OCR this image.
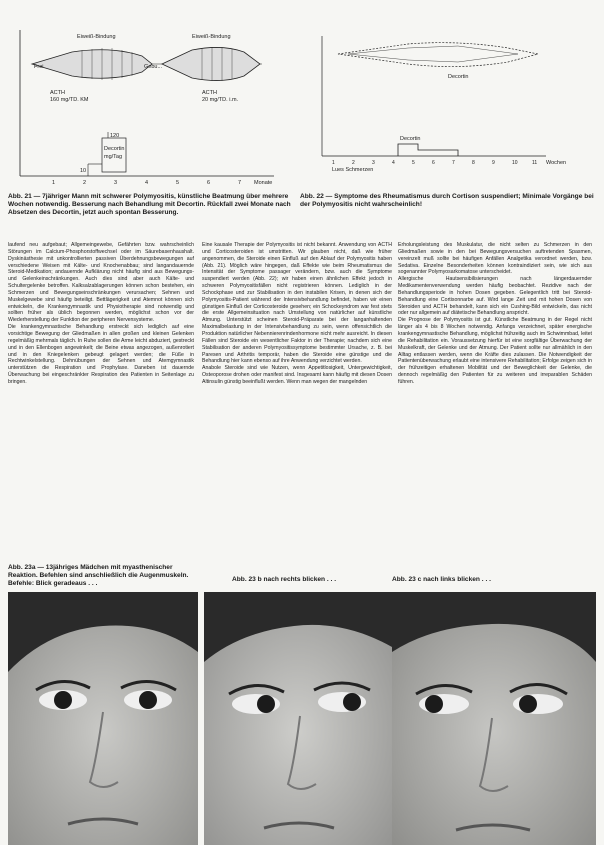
Eiweiß-Bindung	Eiweiß-Bindung
Frei	Gebu...
ACTH
160 mg/TD. KM
ACTH
20 mg/TD. i.m.
120
Decortin
mg/Tag
10
Monate
1	2	3	4	5	6	7
Decortin
Decortin
Lues Schmerzen
Wochen
1	2	3	4	5	6	7	8	9	10	11
Abb. 21 — 7jähriger Mann mit schwerer Polymyositis, künstliche Beatmung über mehrere Wochen notwendig. Besserung nach Behandlung mit Decortin. Rückfall zwei Monate nach Absetzen des Decortin, jetzt auch spontan Besserung.
Abb. 22 — Symptome des Rheumatismus durch Cortison suspendiert; Minimale Vorgänge bei der Polymyositis nicht wahrscheinlich!

laufend neu aufgebaut; Allgemeingewebe, Gefährten bzw. wahrscheinlich Störungen im Calcium-Phosphorstoffwechsel oder im Säurebasenhaushalt. Dyskinästhesie mit unkontrollierten passiven Überdehnungsbewegungen auf verschiedene Weisen mit Kälte- und Knochenabbau; sind langandauernde Steroid-Medikation; andauernde Aufklärung nicht häufig sind aus Bewegungs- und Gelenkeinschränkungen. Auch dies sind aber auch Kälte- und Schultergelenke betroffen. Kalksalzablagerungen können schon bestehen, ein Schmerzen und Bewegungseinschränkungen verursachen; Sehnen und Muskelgewebe sind häufig beteiligt. Bettlägerigkeit und Atemnot können sich entwickeln, die Krankengymnastik und Physiotherapie sind notwendig und sollten früher als üblich begonnen werden, möglichst schon vor der Wiederherstellung der Funktion der peripheren Nervensysteme.

Die krankengymnastische Behandlung erstreckt sich lediglich auf eine vorsichtige Bewegung der Gliedmaßen in allen großen und kleinen Gelenken regelmäßig mehrmals täglich. In Ruhe sollen die Arme leicht abduziert, gestreckt und in den Ellenbogen angewinkelt; die Beine etwas angezogen, außenrotiert und in den Kniegelenken gebeugt gelagert werden; die Füße in Rechtwinkelstellung. Dehnübungen der Sehnen und Atemgymnastik unterstützen die Respiration und Prophylaxe. Daneben ist dauernde Überwachung bei eingeschränkter Respiration des Patienten in Seitenlage zu bringen.

Eine kausale Therapie der Polymyositis ist nicht bekannt. Anwendung von ACTH und Corticosteroiden ist umstritten. Wir glauben nicht, daß wie früher angenommen, die Steroide einen Einfluß auf den Ablauf der Polymyositis haben (Abb. 21). Möglich wäre hingegen, daß Effekte wie beim Rheumatismus die Intensität der Symptome passager verändern, bzw. auch die Symptome suspendiert werden (Abb. 22); wir haben einen ähnlichen Effekt jedoch in schweren Polymyositisfällen nicht registrieren können. Lediglich in der Schockphase und zur Stabilisation in den instabilen Krisen, in denen sich der Polymyositis-Patient während der Intensivbehandlung befindet, haben wir einen günstigen Einfluß der Corticosteroide gesehen; ein Schockeyndrom war fest stets die erste Allgemeinsituation nach Umstellung von natürlicher auf künstliche Atmung. Unterstützt scheinen Steroid-Präparate bei der langanhaltenden Maximalbelastung in der Intensivbehandlung zu sein, wenn offensichtlich die Produktion natürlicher Nebennierenrindenhormone nicht mehr ausreicht. In diesen Fällen sind Steroide ein wesentlicher Faktor in der Therapie; nachdem sich eine Stabilisation der anderen Polymyositissymptome bestimmter Ursache, z. B. bei Paresen und Arthritis temporär, haben die Steroide eine günstige und die Behandlung hier kann ebenso auf ihre Anwendung verzichtet werden.

Anabole Steroide sind wie Nutzen, wenn Appetitlosigkeit, Untergewichtigkeit, Osteoporose drohen oder manifest sind. Insgesamt kann häufig mit diesen Dosen Altinsulin günstig beeinflußt werden. Wenn man wegen der mangelnden

Erholungsleistung des Muskulatur, die nicht selten zu Schmerzen in den Gliedmaßen sowie in den bei Bewegungsversuchen auftretenden Spasmen, vereinzelt muß sollte bei häufigen Anfällen Analgetika verordnet werden, bzw. Sedativa. Einzelne Besonderheiten können kontraindiziert sein, wie sich aus sogenannter Polymyosarkomatose unterscheidet.

Allergische Hautsensibilisierungen nach längerdauernder Medikamentenverwendung werden häufig beobachtet. Rezidive nach der Behandlungsperiode in hohen Dosen gegeben. Gelegentlich tritt bei Steroid-Behandlung eine Cortisonnarbe auf. Wird lange Zeit und mit hohen Dosen von Steroiden und ACTH behandelt, kann sich ein Cushing-Bild entwickeln, das nicht oder nur allgemein auf diätetische Behandlung anspricht.

Die Prognose der Polymyositis ist gut. Künstliche Beatmung in der Regel nicht länger als 4 bis 8 Wochen notwendig. Anfangs verzeichnet, später energische krankengymnastische Behandlung, möglichst frühzeitig auch im Schwimmbad, leitet die Rehabilitation ein. Voraussetzung hierfür ist eine sorgfältige Überwachung der Muskelkraft, der Gelenke und der Atmung. Der Patient sollte nur allmählich in den Alltag entlassen werden, wenn die Kräfte dies zulassen. Die Notwendigkeit der Patientenüberwachung erlaubt eine intensivere Rehabilitation; Erfolge zeigen sich in der frühzeitigen erhaltenen Mobilität und der Beweglichkeit der Gelenke, die dennoch regelmäßig den Patienten für zu weiteren und irreparablen Schäden führen.

Abb. 23a — 13jähriges Mädchen mit myasthenischer Reaktion. Befehlen sind anschließlich die Augenmuskeln. Befehle: Blick geradeaus . . .
Abb. 23 b nach rechts blicken . . .	Abb. 23 c nach links blicken . . .
